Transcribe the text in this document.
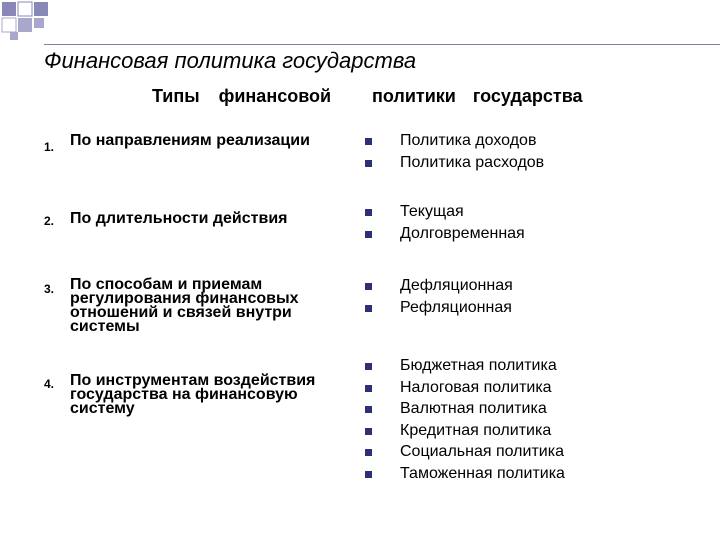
Финансовая политика государства
Типы финансовой политики государства
1. По направлениям реализации	Политика доходов
Политика расходов
2. По длительности действия	Текущая
Долговременная
3. По способам и приемам регулирования финансовых отношений и связей внутри системы
Дефляционная
Рефляционная
4. По инструментам воздействия государства на финансовую систему
Бюджетная политика
Налоговая политика
Валютная политика
Кредитная политика
Социальная политика
Таможенная политика
